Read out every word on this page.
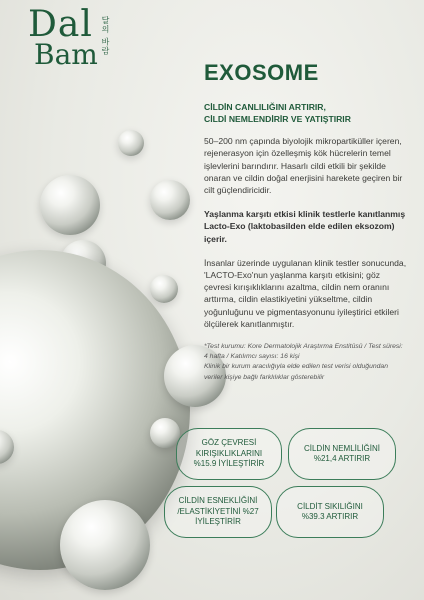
Dal
Bam 달의 바람
EXOSOME
CİLDİN CANLILIĞINI ARTIRIR,
CİLDİ NEMLENDİRİR VE YATIŞTIRIR

50–200 nm çapında biyolojik mikropartiküller içeren, rejenerasyon için özelleşmiş kök hücrelerin temel işlevlerini barındırır. Hasarlı cildi etkili bir şekilde onaran ve cildin doğal enerjisini harekete geçiren bir cilt güçlendiricidir.

Yaşlanma karşıtı etkisi klinik testlerle kanıtlanmış Lacto-Exo (laktobasilden elde edilen eksozom) içerir.

İnsanlar üzerinde uygulanan klinik testler sonucunda, 'LACTO-Exo'nun yaşlanma karşıtı etkisini; göz çevresi kırışıklıklarını azaltma, cildin nem oranını arttırma, cildin elastikiyetini yükseltme, cildin yoğunluğunu ve pigmentasyonunu iyileştirici etkileri ölçülerek kanıtlanmıştır.

*Test kurumu: Kore Dermatolojik Araştırma Enstitüsü / Test süresi: 4 hafta / Katılımcı sayısı: 16 kişi
Klinik bir kurum aracılığıyla elde edilen test verisi olduğundan veriler kişiye bağlı farklılıklar gösterebilir
GÖZ ÇEVRESİ
KIRIŞIKLIKLARINI
%15.9 İYİLEŞTİRİR
CİLDİN NEMLİLİĞİNİ
%21,4 ARTIRIR
CİLDİN ESNEKLİĞİNİ
/ELASTİKİYETİNİ %27
İYİLEŞTİRİR
CİLDİT SIKILIĞINI
%39.3 ARTIRIR
